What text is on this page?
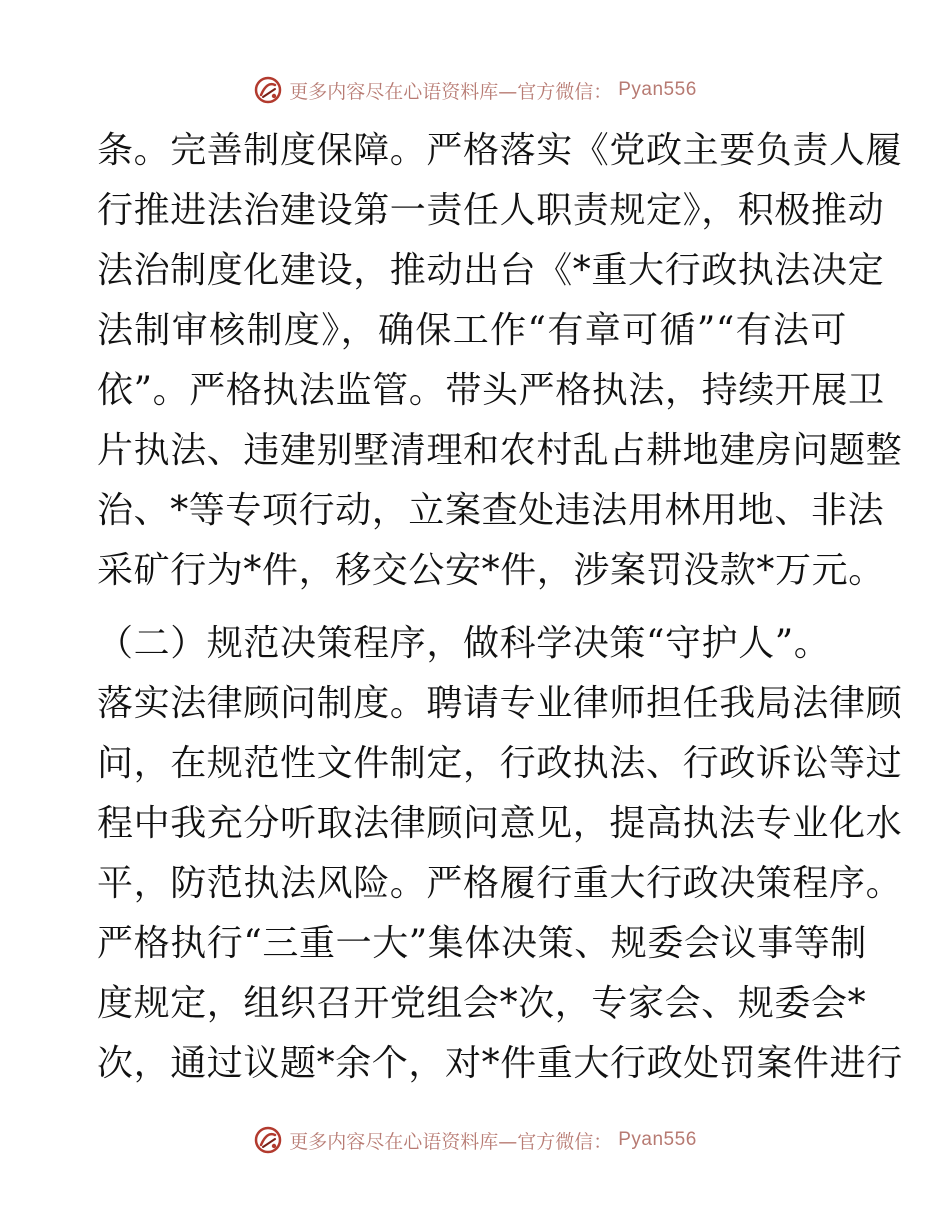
更多内容尽在心语资料库—官方微信： Pyan556
条。完善制度保障。严格落实《党政主要负责人履
行推进法治建设第一责任人职责规定》，积极推动
法治制度化建设，推动出台《*重大行政执法决定
法制审核制度》，确保工作“有章可循”“有法可
依”。严格执法监管。带头严格执法，持续开展卫
片执法、违建别墅清理和农村乱占耕地建房问题整
治、*等专项行动，立案查处违法用林用地、非法
采矿行为*件，移交公安*件，涉案罚没款*万元。
（二）规范决策程序，做科学决策“守护人”。
落实法律顾问制度。聘请专业律师担任我局法律顾
问，在规范性文件制定，行政执法、行政诉讼等过
程中我充分听取法律顾问意见，提高执法专业化水
平，防范执法风险。严格履行重大行政决策程序。
严格执行“三重一大”集体决策、规委会议事等制
度规定，组织召开党组会*次，专家会、规委会*
次，通过议题*余个，对*件重大行政处罚案件进行
更多内容尽在心语资料库—官方微信： Pyan556
